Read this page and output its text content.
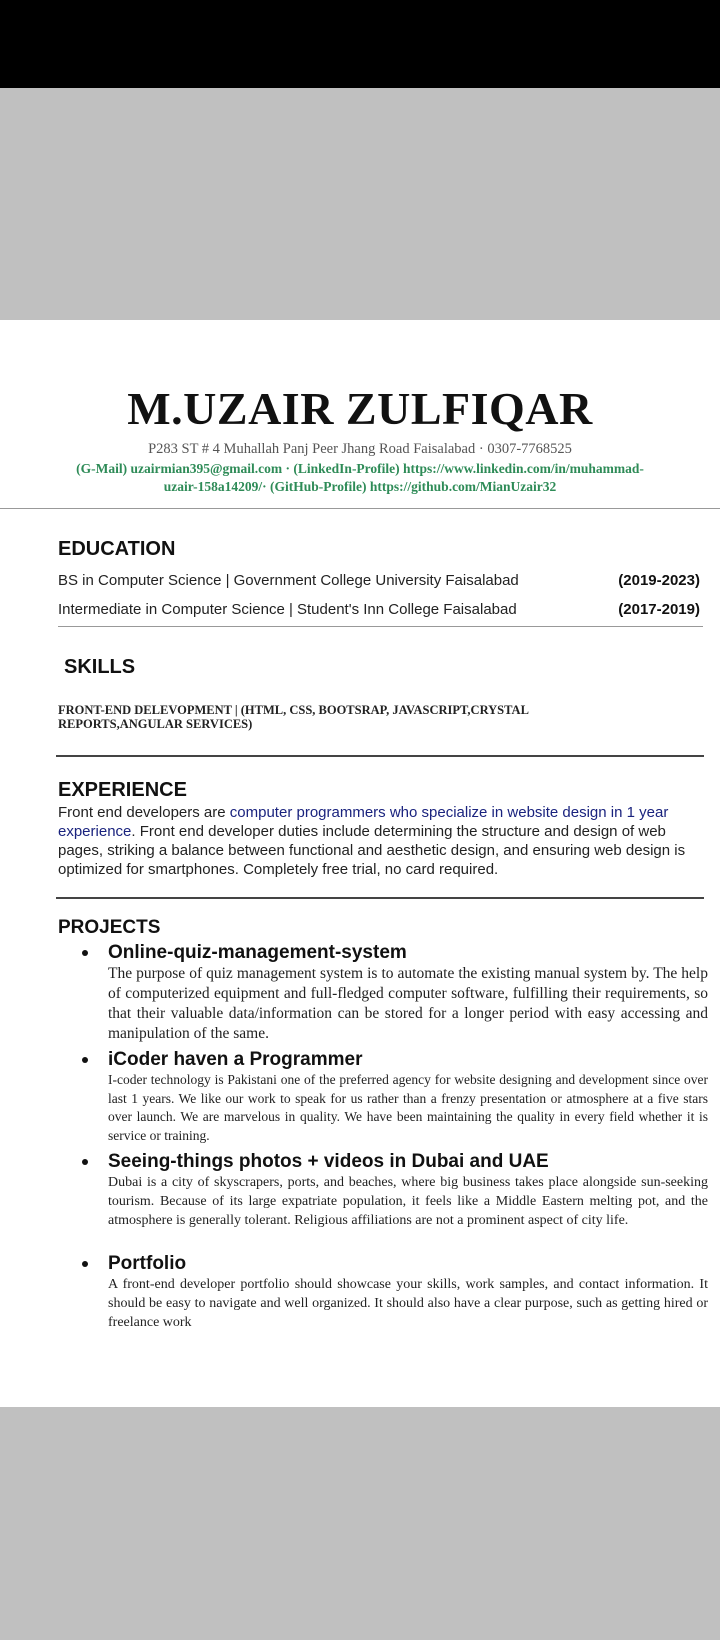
M.UZAIR ZULFIQAR
P283 ST # 4 Muhallah Panj Peer Jhang Road Faisalabad · 0307-7768525
(G-Mail) uzairmian395@gmail.com · (LinkedIn-Profile) https://www.linkedin.com/in/muhammad-
uzair-158a14209/· (GitHub-Profile) https://github.com/MianUzair32
EDUCATION
BS in Computer Science | Government College University Faisalabad	(2019-2023)
Intermediate in Computer Science | Student's Inn College Faisalabad	(2017-2019)
SKILLS
FRONT-END DELEVOPMENT | (HTML, CSS, BOOTSRAP, JAVASCRIPT,CRYSTAL REPORTS,ANGULAR SERVICES)
EXPERIENCE
Front end developers are computer programmers who specialize in website design in 1 year experience. Front end developer duties include determining the structure and design of web pages, striking a balance between functional and aesthetic design, and ensuring web design is optimized for smartphones. Completely free trial, no card required.
PROJECTS
Online-quiz-management-system
The purpose of quiz management system is to automate the existing manual system by. The help of computerized equipment and full-fledged computer software, fulfilling their requirements, so that their valuable data/information can be stored for a longer period with easy accessing and manipulation of the same.
iCoder haven a Programmer
I-coder technology is Pakistani one of the preferred agency for website designing and development since over last 1 years. We like our work to speak for us rather than a frenzy presentation or atmosphere at a five stars over launch. We are marvelous in quality. We have been maintaining the quality in every field whether it is service or training.
Seeing-things photos + videos in Dubai and UAE
Dubai is a city of skyscrapers, ports, and beaches, where big business takes place alongside sun-seeking tourism. Because of its large expatriate population, it feels like a Middle Eastern melting pot, and the atmosphere is generally tolerant. Religious affiliations are not a prominent aspect of city life.
Portfolio
A front-end developer portfolio should showcase your skills, work samples, and contact information. It should be easy to navigate and well organized. It should also have a clear purpose, such as getting hired or freelance work
